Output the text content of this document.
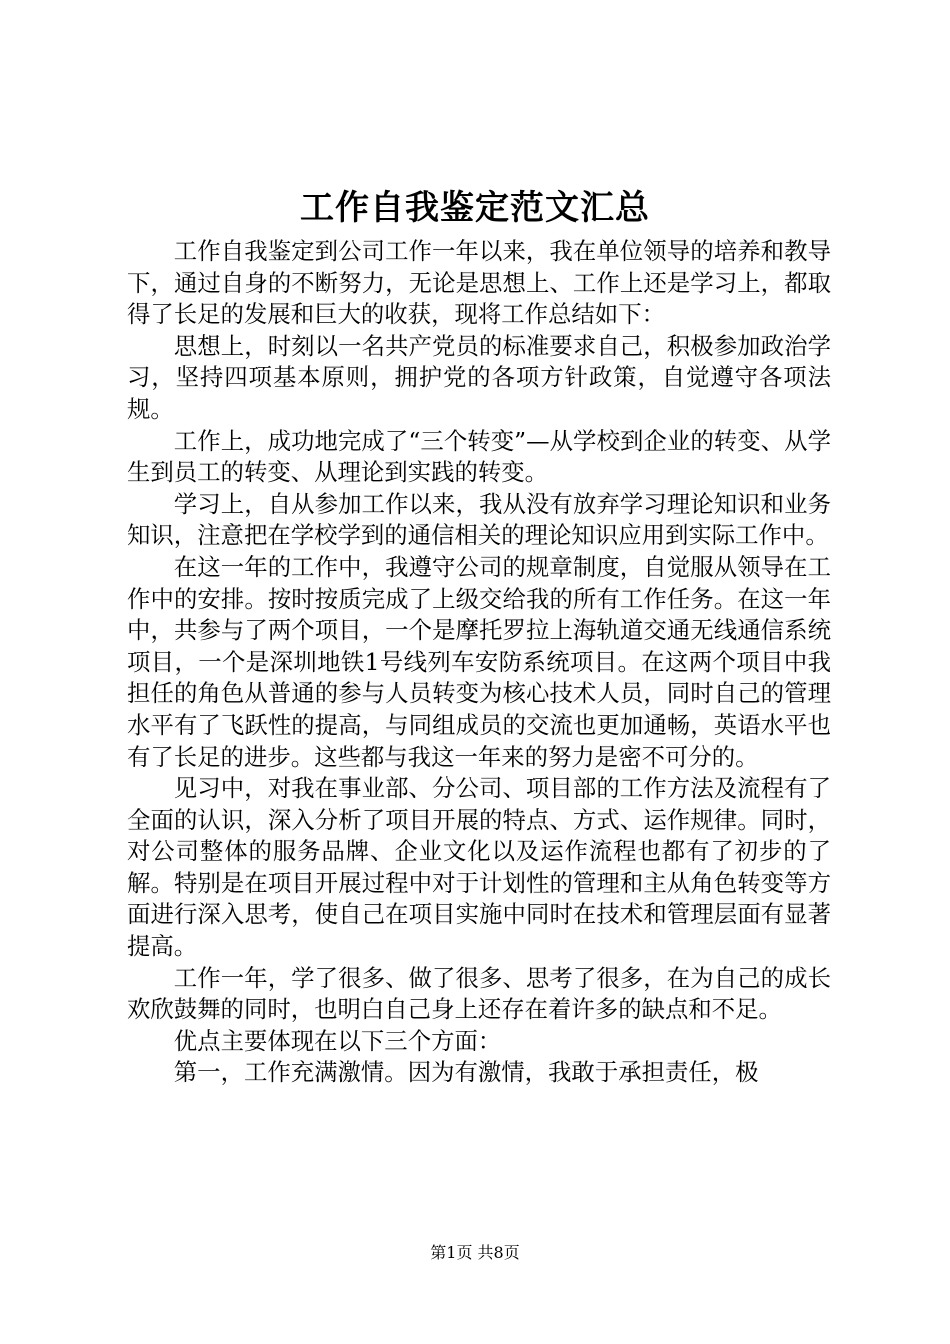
工作自我鉴定范文汇总

工作自我鉴定到公司工作一年以来，我在单位领导的培养和教导下，通过自身的不断努力，无论是思想上、工作上还是学习上，都取得了长足的发展和巨大的收获，现将工作总结如下：

思想上，时刻以一名共产党员的标准要求自己，积极参加政治学习，坚持四项基本原则，拥护党的各项方针政策，自觉遵守各项法规。

工作上，成功地完成了“三个转变”—从学校到企业的转变、从学生到员工的转变、从理论到实践的转变。

学习上，自从参加工作以来，我从没有放弃学习理论知识和业务知识，注意把在学校学到的通信相关的理论知识应用到实际工作中。

在这一年的工作中，我遵守公司的规章制度，自觉服从领导在工作中的安排。按时按质完成了上级交给我的所有工作任务。在这一年中，共参与了两个项目，一个是摩托罗拉上海轨道交通无线通信系统项目，一个是深圳地铁1号线列车安防系统项目。在这两个项目中我担任的角色从普通的参与人员转变为核心技术人员，同时自己的管理水平有了飞跃性的提高，与同组成员的交流也更加通畅，英语水平也有了长足的进步。这些都与我这一年来的努力是密不可分的。

见习中，对我在事业部、分公司、项目部的工作方法及流程有了全面的认识，深入分析了项目开展的特点、方式、运作规律。同时，对公司整体的服务品牌、企业文化以及运作流程也都有了初步的了解。特别是在项目开展过程中对于计划性的管理和主从角色转变等方面进行深入思考，使自己在项目实施中同时在技术和管理层面有显著提高。

工作一年，学了很多、做了很多、思考了很多，在为自己的成长欢欣鼓舞的同时，也明白自己身上还存在着许多的缺点和不足。

优点主要体现在以下三个方面：

第一，工作充满激情。因为有激情，我敢于承担责任，极

第1页 共8页
